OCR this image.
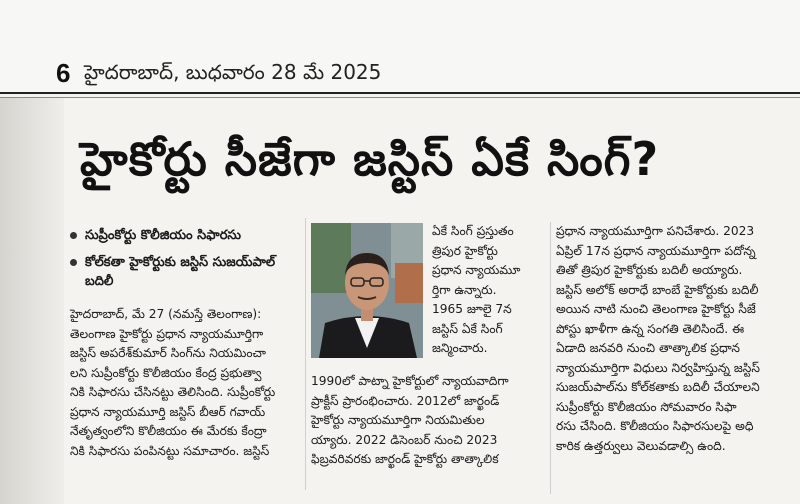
6 హైదరాబాద్, బుధవారం 28 మే 2025
హైకోర్టు సీజేగా జస్టిస్ ఏకే సింగ్?
సుప్రీంకోర్టు కొలీజియం సిఫారసు
కోల్‌కతా హైకోర్టుకు జస్టిస్ సుజయ్‌పాల్ బదిలీ
హైదరాబాద్, మే 27 (నమస్తే తెలంగాణ):
తెలంగాణ హైకోర్టు ప్రధాన న్యాయమూర్తిగా
జస్టిస్ అపరేశ్‌కుమార్ సింగ్‌ను నియమించా
లని సుప్రీంకోర్టు కొలీజియం కేంద్ర ప్రభుత్వా
నికి సిఫారసు చేసినట్టు తెలిసింది. సుప్రీంకోర్టు
ప్రధాన న్యాయమూర్తి జస్టిస్ బీఆర్ గవాయ్
నేతృత్వంలోని కొలీజియం ఈ మేరకు కేంద్రా
నికి సిఫారసు పంపినట్టు సమాచారం. జస్టిస్
ఏకే సింగ్ ప్రస్తుతం
త్రిపుర హైకోర్టు
ప్రధాన న్యాయమూ
ర్తిగా ఉన్నారు.
1965 జూలై 7న
జస్టిస్ ఏకే సింగ్
జన్మించారు.
1990లో పాట్నా హైకోర్టులో న్యాయవాదిగా
ప్రాక్టీస్ ప్రారంభించారు. 2012లో జార్ఖండ్
హైకోర్టు న్యాయమూర్తిగా నియమితుల
య్యారు. 2022 డిసెంబర్ నుంచి 2023
ఫిబ్రవరివరకు జార్ఖండ్ హైకోర్టు తాత్కాలిక
ప్రధాన న్యాయమూర్తిగా పనిచేశారు. 2023
ఏప్రిల్ 17న ప్రధాన న్యాయమూర్తిగా పదోన్న
తితో త్రిపుర హైకోర్టుకు బదిలీ అయ్యారు.
జస్టిస్ అలోక్ అరాధే బాంబే హైకోర్టుకు బదిలీ
అయిన నాటి నుంచి తెలంగాణ హైకోర్టు సీజే
పోస్టు ఖాళీగా ఉన్న సంగతి తెలిసిందే. ఈ
ఏడాది జనవరి నుంచి తాత్కాలిక ప్రధాన
న్యాయమూర్తిగా విధులు నిర్వహిస్తున్న జస్టిస్
సుజయ్‌పాల్‌ను కోల్‌కతాకు బదిలీ చేయాలని
సుప్రీంకోర్టు కొలీజియం సోమవారం సిఫా
రసు చేసింది. కొలీజియం సిఫారసులపై అధి
కారిక ఉత్తర్వులు వెలువడాల్సి ఉంది.
